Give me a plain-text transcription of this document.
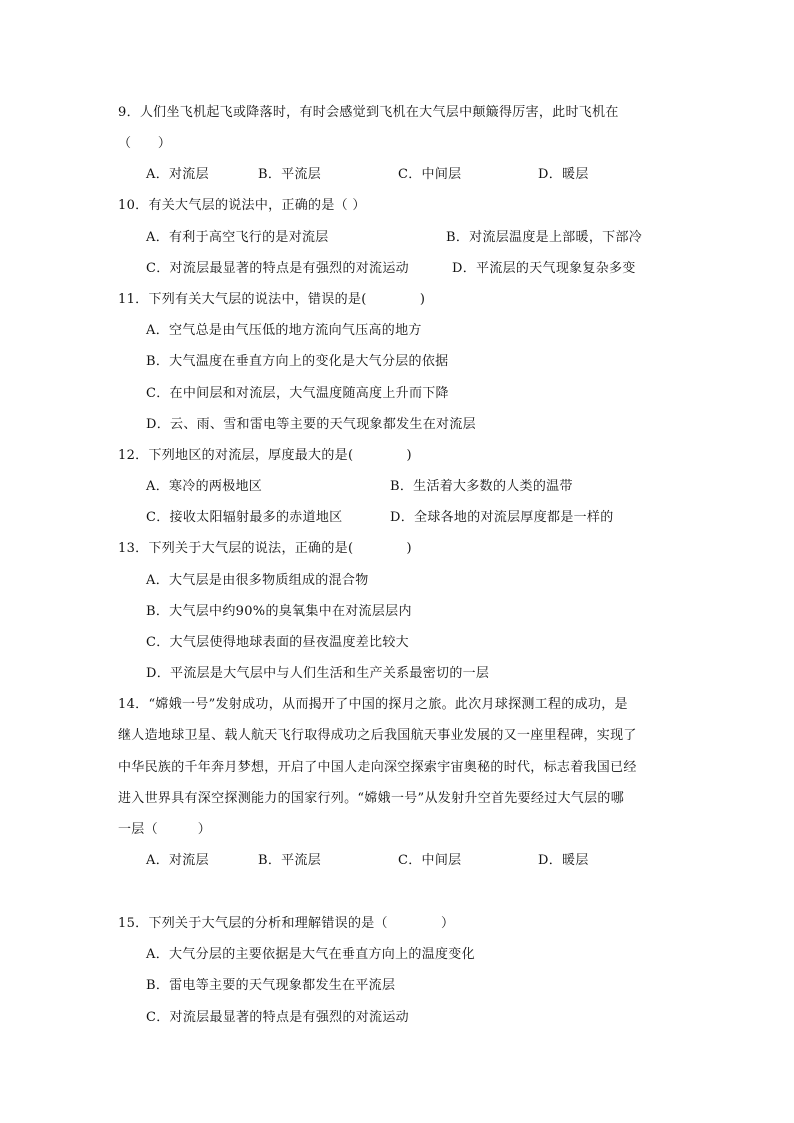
9．人们坐飞机起飞或降落时，有时会感觉到飞机在大气层中颠簸得厉害，此时飞机在
（　　）
A．对流层	B．平流层	C．中间层	D．暖层
10．有关大气层的说法中，正确的是（ ）
A．有利于高空飞行的是对流层	B．对流层温度是上部暖，下部冷
C．对流层最显著的特点是有强烈的对流运动	D．平流层的天气现象复杂多变
11．下列有关大气层的说法中，错误的是(　　　　)
A．空气总是由气压低的地方流向气压高的地方
B．大气温度在垂直方向上的变化是大气分层的依据
C．在中间层和对流层，大气温度随高度上升而下降
D．云、雨、雪和雷电等主要的天气现象都发生在对流层
12．下列地区的对流层，厚度最大的是(　　　　)
A．寒冷的两极地区	B．生活着大多数的人类的温带
C．接收太阳辐射最多的赤道地区	D．全球各地的对流层厚度都是一样的
13．下列关于大气层的说法，正确的是(　　　　)
A．大气层是由很多物质组成的混合物
B．大气层中约90%的臭氧集中在对流层层内
C．大气层使得地球表面的昼夜温度差比较大
D．平流层是大气层中与人们生活和生产关系最密切的一层
14．“嫦娥一号”发射成功，从而揭开了中国的探月之旅。此次月球探测工程的成功，是
继人造地球卫星、载人航天飞行取得成功之后我国航天事业发展的又一座里程碑，实现了
中华民族的千年奔月梦想，开启了中国人走向深空探索宇宙奥秘的时代，标志着我国已经
进入世界具有深空探测能力的国家行列。“嫦娥一号”从发射升空首先要经过大气层的哪
一层（　　　）
A．对流层	B．平流层	C．中间层	D．暖层
15．下列关于大气层的分析和理解错误的是（　　　　）
A．大气分层的主要依据是大气在垂直方向上的温度变化
B．雷电等主要的天气现象都发生在平流层
C．对流层最显著的特点是有强烈的对流运动
